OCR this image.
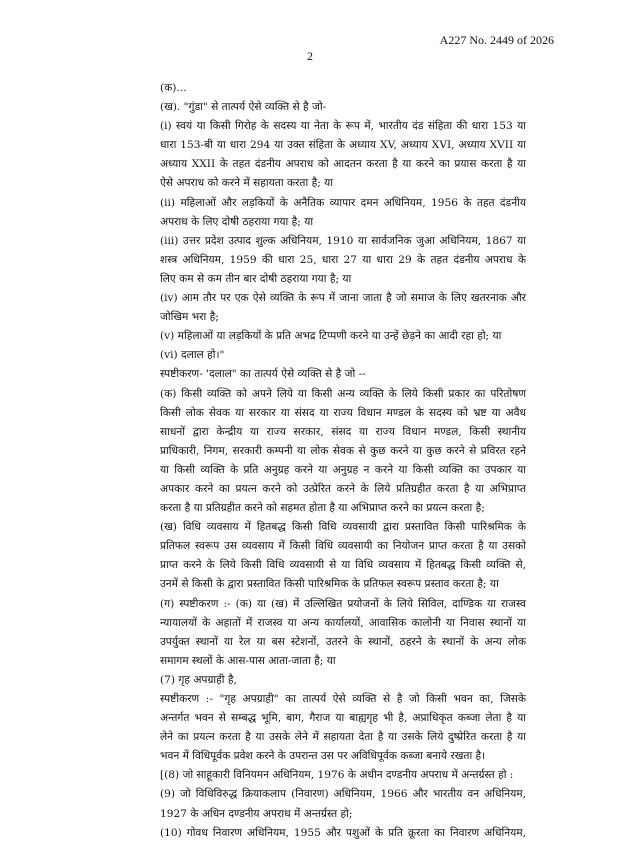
A227 No. 2449 of 2026
2
(क)...
(ख). "गुंडा" से तात्पर्य ऐसे व्यक्ति से है जो-
(i) स्वयं या किसी गिरोह के सदस्य या नेता के रूप में, भारतीय दंड संहिता की धारा 153 या
धारा 153-बी या धारा 294 या उक्त संहिता के अध्याय XV, अध्याय XVI, अध्याय XVII या
अध्याय XXII के तहत दंडनीय अपराध को आदतन करता है या करने का प्रयास करता है या
ऐसे अपराध को करने में सहायता करता है; या
(ii) महिलाओं और लड़कियों के अनैतिक व्यापार दमन अधिनियम, 1956 के तहत दंडनीय
अपराध के लिए दोषी ठहराया गया है; या
(iii) उत्तर प्रदेश उत्पाद शुल्क अधिनियम, 1910 या सार्वजनिक जुआ अधिनियम, 1867 या
शस्त्र अधिनियम, 1959 की धारा 25, धारा 27 या धारा 29 के तहत दंडनीय अपराध के
लिए कम से कम तीन बार दोषी ठहराया गया है; या
(iv) आम तौर पर एक ऐसे व्यक्ति के रूप में जाना जाता है जो समाज के लिए खतरनाक और
जोखिम भरा है;
(v) महिलाओं या लड़कियों के प्रति अभद्र टिप्पणी करने या उन्हें छेड़ने का आदी रहा हो; या
(vi) दलाल हो।"
स्पष्टीकरण- 'दलाल" का तात्पर्य ऐसे व्यक्ति से है जो --
(क) किसी व्यक्ति को अपने लिये या किसी अन्य व्यक्ति के लिये किसी प्रकार का परितोषण
किसी लोक सेवक या सरकार या संसद या राज्य विधान मण्डल के सदस्य को भ्रष्ट या अवैध
साधनों द्वारा केन्द्रीय या राज्य सरकार, संसद या राज्य विधान मण्डल, किसी स्थानीय
प्राधिकारी, निगम, सरकारी कम्पनी या लोक सेवक से कुछ करने या कुछ करने से प्रविरत रहने
या किसी व्यक्ति के प्रति अनुग्रह करने या अनुग्रह न करने या किसी व्यक्ति का उपकार या
अपकार करने का प्रयत्न करने को उत्प्रेरित करने के लिये प्रतिग्रहीत करता है या अभिप्राप्त
करता है या प्रतिग्रहीत करने को सहमत होता है या अभिप्राप्त करने का प्रयत्न करता है;
(ख) विधि व्यवसाय में हितबद्ध किसी विधि व्यवसायी द्वारा प्रस्तावित किसी पारिश्रमिक के
प्रतिफल स्वरूप उस व्यवसाय में किसी विधि व्यवसायी का नियोजन प्राप्त करता है या उसको
प्राप्त करने के लिये किसी विधि व्यवसायी से या विधि व्यवसाय में हितबद्ध किसी व्यक्ति से,
उनमें से किसी के द्वारा प्रस्तावित किसी पारिश्रमिक के प्रतिफल स्वरूप प्रस्ताव करता है; या
(ग) स्पष्टीकरण :- (क) या (ख) में उल्लिखित प्रयोजनों के लिये सिविल, दाण्डिक या राजस्व
न्यायालयों के अहातों में राजस्व या अन्य कार्यालयों, आवासिक कालोनी या निवास स्थानों या
उपर्युक्त स्थानों या रेल या बस स्टेशनों, उतरने के स्थानों, ठहरने के स्थानों के अन्य लोक
समागम स्थलों के आस-पास आता-जाता है; या
(7) गृह अपग्राही है,
स्पष्टीकरण :- "गृह अपग्राही" का तात्पर्य ऐसे व्यक्ति से है जो किसी भवन का, जिसके
अन्तर्गत भवन से सम्बद्ध भूमि, बाग, गैराज या बाह्यगृह भी है, अप्राधिकृत कब्जा लेता है या
लेने का प्रयत्न करता है या उसके लेने में सहायता देता है या उसके लिये दुष्प्रेरित करता है या
भवन में विधिपूर्वक प्रवेश करने के उपरान्त उस पर अविधिपूर्वक कब्जा बनाये रखता है।
[(8) जो साहूकारी विनियमन अधिनियम, 1976 के अधीन दण्डनीय अपराध में अन्तर्ग्रस्त हो :
(9) जो विधिविरुद्ध क्रियाकलाप (निवारण) अधिनियम, 1966 और भारतीय वन अधिनियम,
1927 के अधिन दण्डनीय अपराध में अन्तर्ग्रस्त हो;
(10) गोवध निवारण अधिनियम, 1955 और पशुओं के प्रति क्रूरता का निवारण अधिनियम,
